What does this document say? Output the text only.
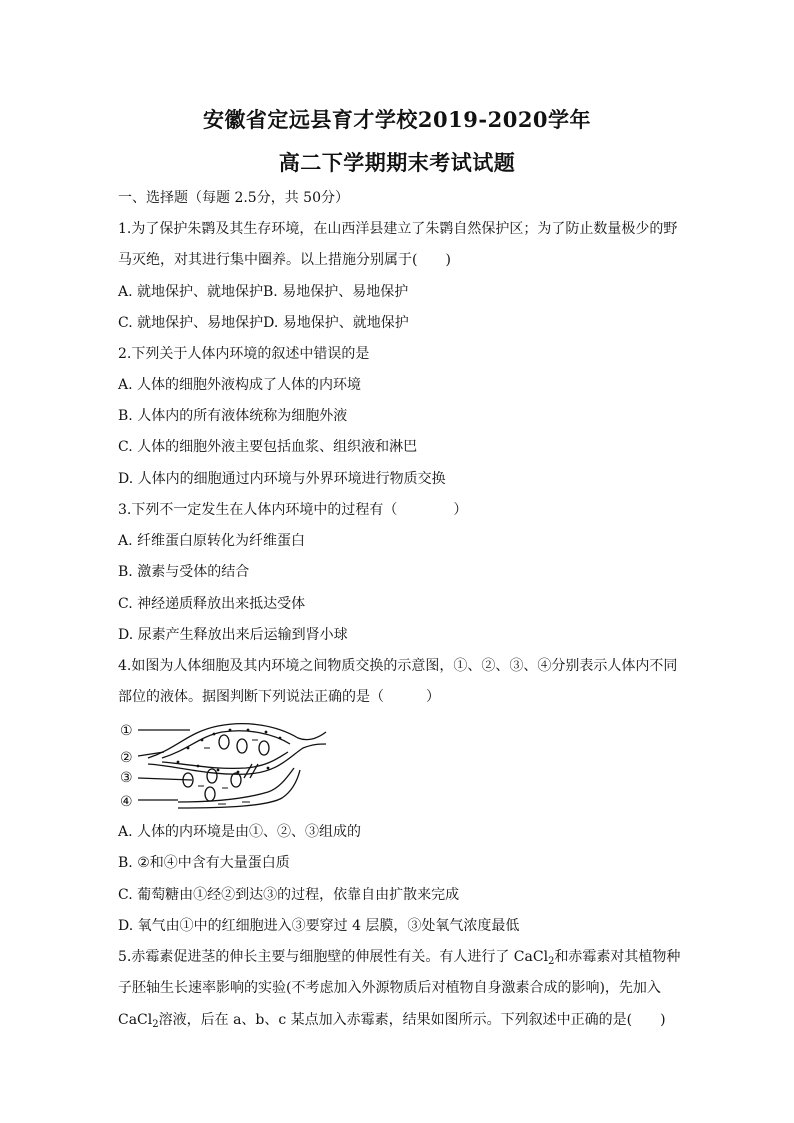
安徽省定远县育才学校2019-2020学年
高二下学期期末考试试题
一、选择题（每题 2.5分，共 50分）
1.为了保护朱鹮及其生存环境，在山西洋县建立了朱鹮自然保护区；为了防止数量极少的野
马灭绝，对其进行集中圈养。以上措施分别属于(　　)
A. 就地保护、就地保护B. 易地保护、易地保护
C. 就地保护、易地保护D. 易地保护、就地保护
2.下列关于人体内环境的叙述中错误的是
A. 人体的细胞外液构成了人体的内环境
B. 人体内的所有液体统称为细胞外液
C. 人体的细胞外液主要包括血浆、组织液和淋巴
D. 人体内的细胞通过内环境与外界环境进行物质交换
3.下列不一定发生在人体内环境中的过程有（　　　　）
A. 纤维蛋白原转化为纤维蛋白
B. 激素与受体的结合
C. 神经递质释放出来抵达受体
D. 尿素产生释放出来后运输到肾小球
4.如图为人体细胞及其内环境之间物质交换的示意图，①、②、③、④分别表示人体内不同
部位的液体。据图判断下列说法正确的是（　　　）
①
②
③
④
A. 人体的内环境是由①、②、③组成的
B. ②和④中含有大量蛋白质
C. 葡萄糖由①经②到达③的过程，依靠自由扩散来完成
D. 氧气由①中的红细胞进入③要穿过 4 层膜，③处氧气浓度最低
5.赤霉素促进茎的伸长主要与细胞壁的伸展性有关。有人进行了 CaCl$_2$和赤霉素对其植物种
子胚轴生长速率影响的实验(不考虑加入外源物质后对植物自身激素合成的影响)，先加入
CaCl$_2$溶液，后在 a、b、c 某点加入赤霉素，结果如图所示。下列叙述中正确的是(　　)
